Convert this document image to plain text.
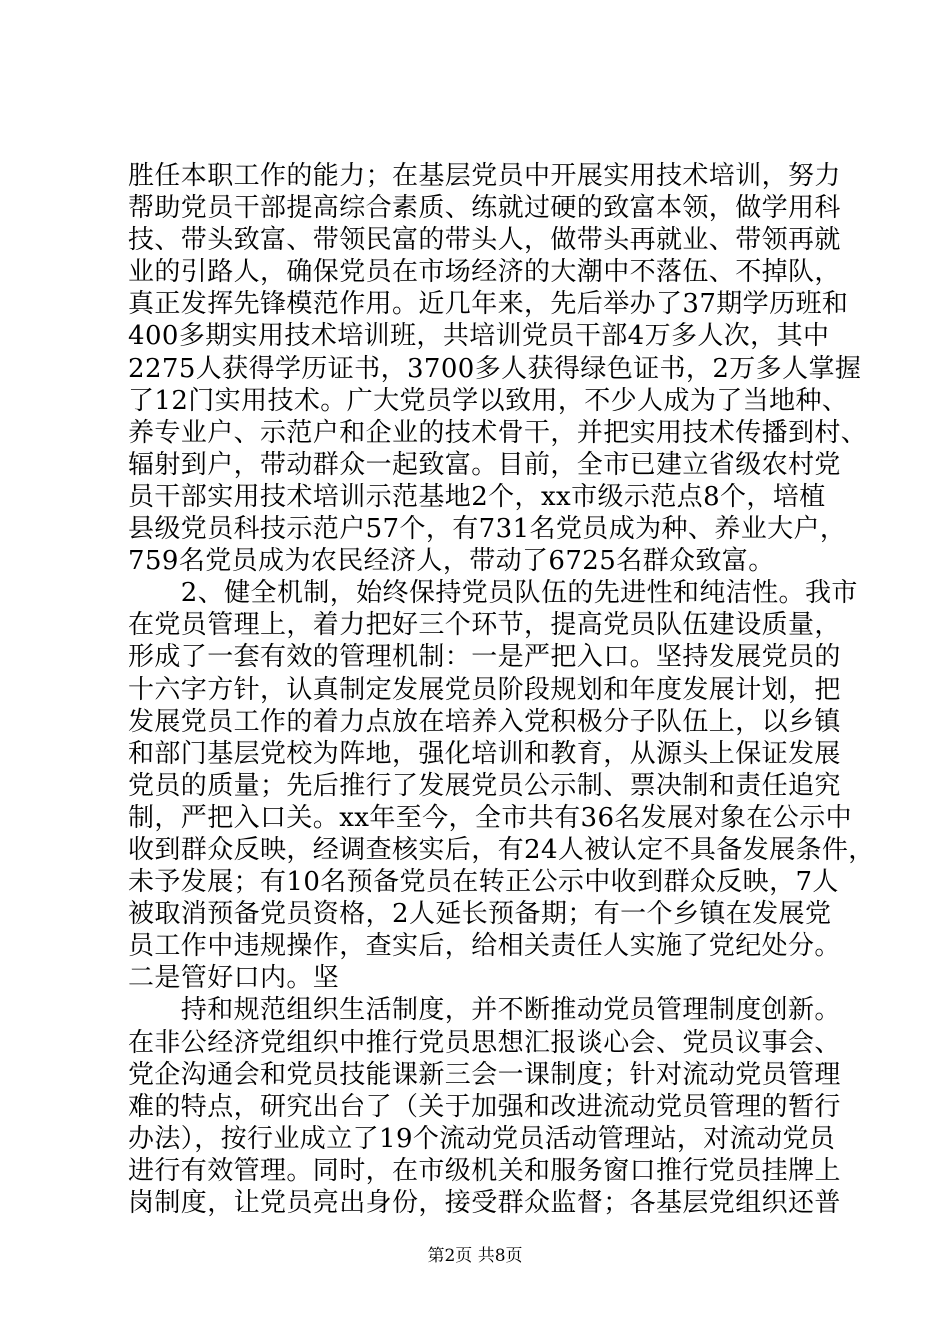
胜任本职工作的能力；在基层党员中开展实用技术培训，努力
帮助党员干部提高综合素质、练就过硬的致富本领，做学用科
技、带头致富、带领民富的带头人，做带头再就业、带领再就
业的引路人，确保党员在市场经济的大潮中不落伍、不掉队，
真正发挥先锋模范作用。近几年来，先后举办了37期学历班和
400多期实用技术培训班，共培训党员干部4万多人次，其中
2275人获得学历证书，3700多人获得绿色证书，2万多人掌握
了12门实用技术。广大党员学以致用，不少人成为了当地种、
养专业户、示范户和企业的技术骨干，并把实用技术传播到村、
辐射到户，带动群众一起致富。目前，全市已建立省级农村党
员干部实用技术培训示范基地2个，xx市级示范点8个，培植
县级党员科技示范户57个，有731名党员成为种、养业大户，
759名党员成为农民经济人，带动了6725名群众致富。
　　2、健全机制，始终保持党员队伍的先进性和纯洁性。我市
在党员管理上，着力把好三个环节，提高党员队伍建设质量，
形成了一套有效的管理机制：一是严把入口。坚持发展党员的
十六字方针，认真制定发展党员阶段规划和年度发展计划，把
发展党员工作的着力点放在培养入党积极分子队伍上，以乡镇
和部门基层党校为阵地，强化培训和教育，从源头上保证发展
党员的质量；先后推行了发展党员公示制、票决制和责任追究
制，严把入口关。xx年至今，全市共有36名发展对象在公示中
收到群众反映，经调查核实后，有24人被认定不具备发展条件，
未予发展；有10名预备党员在转正公示中收到群众反映，7人
被取消预备党员资格，2人延长预备期；有一个乡镇在发展党
员工作中违规操作，查实后，给相关责任人实施了党纪处分。
二是管好口内。坚
　　持和规范组织生活制度，并不断推动党员管理制度创新。
在非公经济党组织中推行党员思想汇报谈心会、党员议事会、
党企沟通会和党员技能课新三会一课制度；针对流动党员管理
难的特点，研究出台了（关于加强和改进流动党员管理的暂行
办法），按行业成立了19个流动党员活动管理站，对流动党员
进行有效管理。同时，在市级机关和服务窗口推行党员挂牌上
岗制度，让党员亮出身份，接受群众监督；各基层党组织还普
第2页 共8页
